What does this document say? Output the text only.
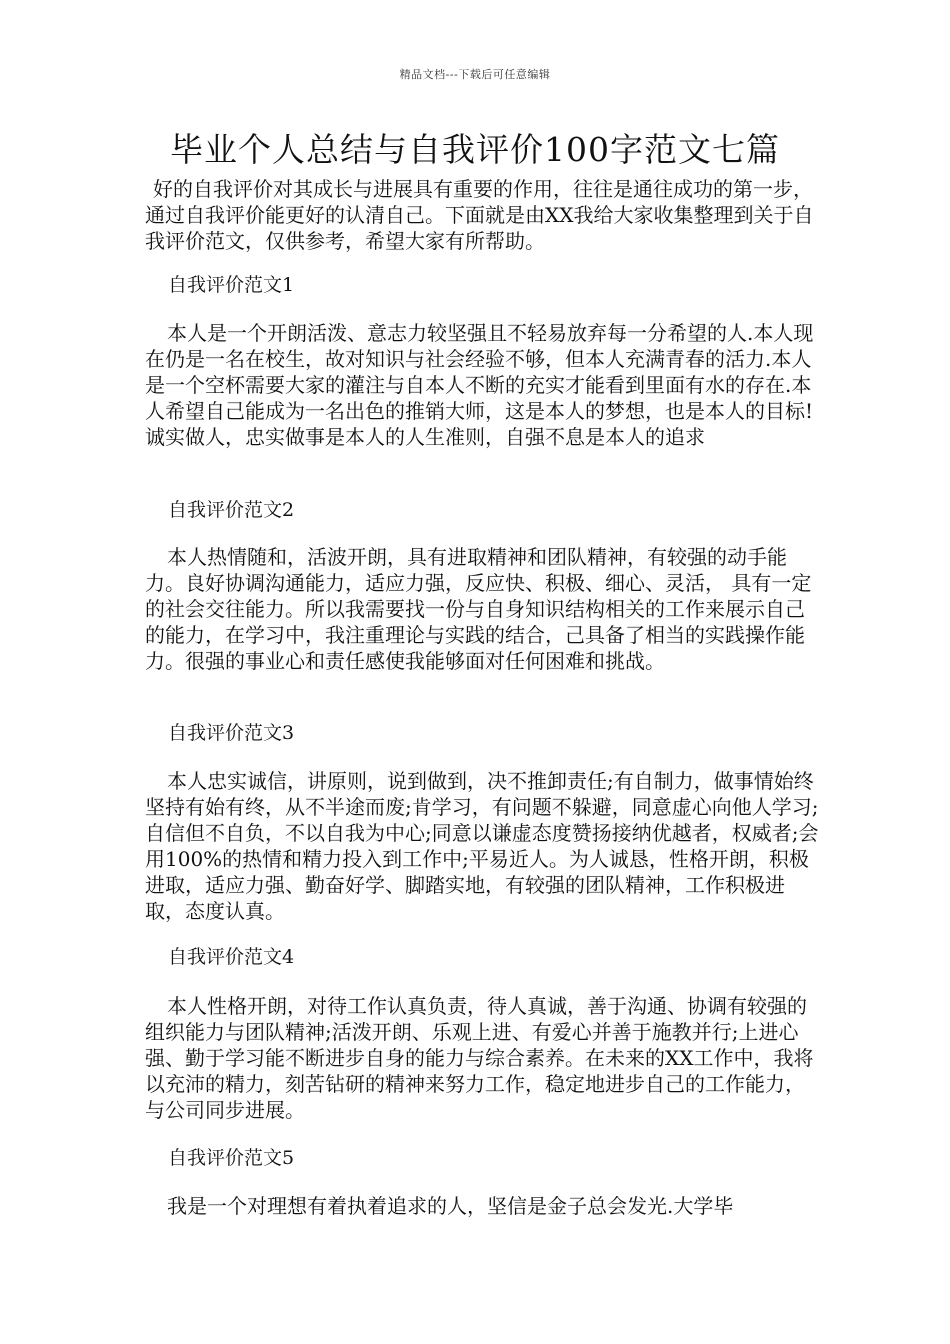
精品文档---下载后可任意编辑
毕业个人总结与自我评价100字范文七篇

好的自我评价对其成长与进展具有重要的作用，往往是通往成功的第一步，通过自我评价能更好的认清自己。下面就是由XX我给大家收集整理到关于自我评价范文，仅供参考，希望大家有所帮助。

自我评价范文1

本人是一个开朗活泼、意志力较坚强且不轻易放弃每一分希望的人.本人现在仍是一名在校生，故对知识与社会经验不够，但本人充满青春的活力.本人是一个空杯需要大家的灌注与自本人不断的充实才能看到里面有水的存在.本人希望自己能成为一名出色的推销大师，这是本人的梦想，也是本人的目标!诚实做人，忠实做事是本人的人生准则，自强不息是本人的追求

自我评价范文2

本人热情随和，活波开朗，具有进取精神和团队精神，有较强的动手能力。良好协调沟通能力，适应力强，反应快、积极、细心、灵活， 具有一定的社会交往能力。所以我需要找一份与自身知识结构相关的工作来展示自己的能力，在学习中，我注重理论与实践的结合，己具备了相当的实践操作能力。很强的事业心和责任感使我能够面对任何困难和挑战。

自我评价范文3

本人忠实诚信，讲原则，说到做到，决不推卸责任;有自制力，做事情始终坚持有始有终，从不半途而废;肯学习，有问题不躲避，同意虚心向他人学习;自信但不自负，不以自我为中心;同意以谦虚态度赞扬接纳优越者，权威者;会用100%的热情和精力投入到工作中;平易近人。为人诚恳，性格开朗，积极进取，适应力强、勤奋好学、脚踏实地，有较强的团队精神，工作积极进取，态度认真。

自我评价范文4

本人性格开朗，对待工作认真负责，待人真诚，善于沟通、协调有较强的组织能力与团队精神;活泼开朗、乐观上进、有爱心并善于施教并行;上进心强、勤于学习能不断进步自身的能力与综合素养。在未来的XX工作中，我将以充沛的精力，刻苦钻研的精神来努力工作，稳定地进步自己的工作能力，与公司同步进展。

自我评价范文5

我是一个对理想有着执着追求的人，坚信是金子总会发光.大学毕
